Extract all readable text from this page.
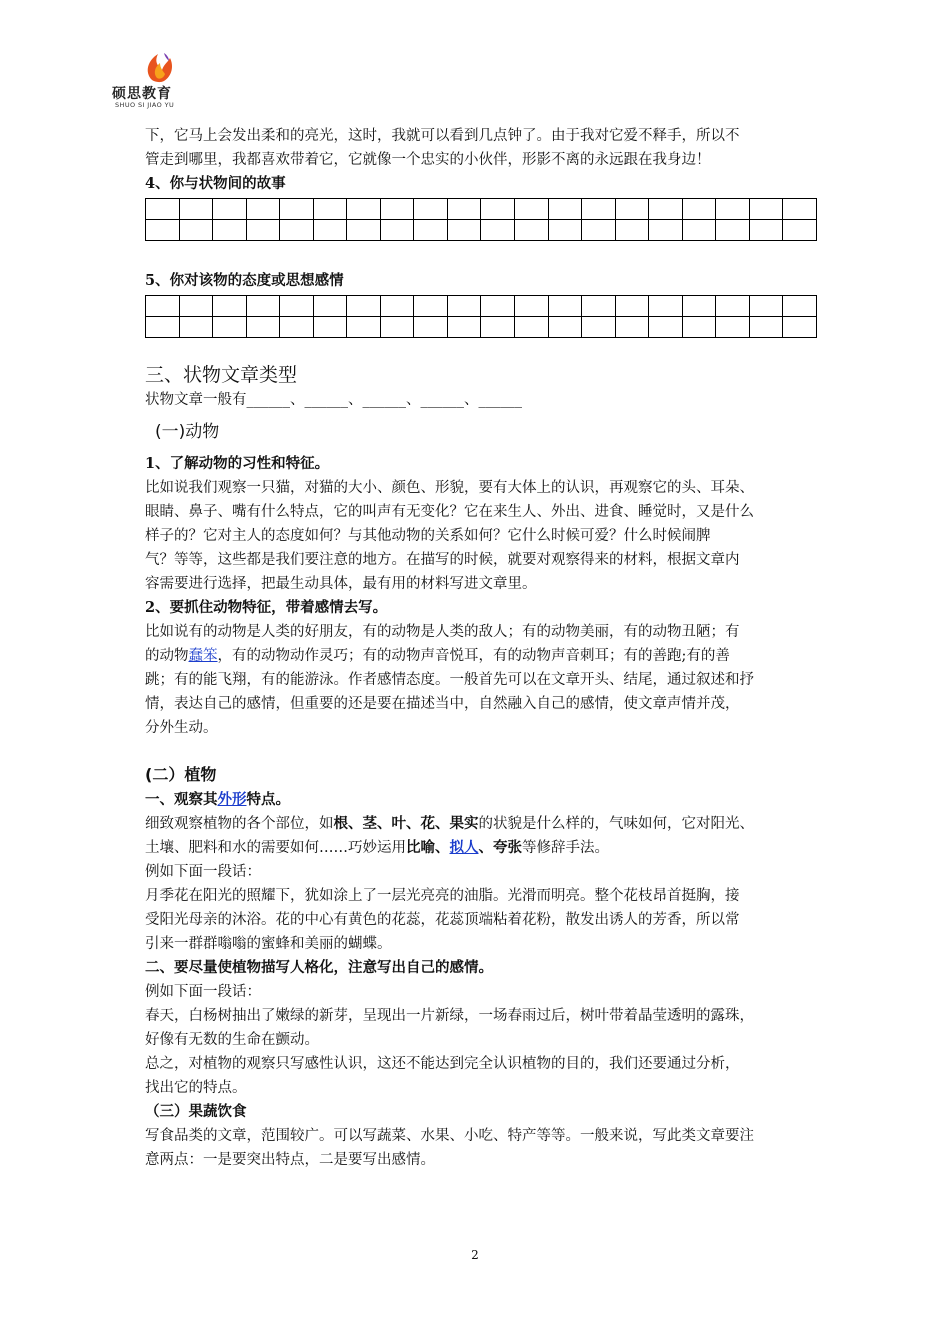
硕思教育
SHUO SI JIAO YU

下，它马上会发出柔和的亮光，这时，我就可以看到几点钟了。由于我对它爱不释手，所以不

管走到哪里，我都喜欢带着它，它就像一个忠实的小伙伴，形影不离的永远跟在我身边！

4、你与状物间的故事

5、你对该物的态度或思想感情

三、状物文章类型

状物文章一般有______、______、______、______、______

(一)动物

1、了解动物的习性和特征。

比如说我们观察一只猫，对猫的大小、颜色、形貌，要有大体上的认识，再观察它的头、耳朵、

眼睛、鼻子、嘴有什么特点，它的叫声有无变化？它在来生人、外出、进食、睡觉时，又是什么

样子的？它对主人的态度如何？与其他动物的关系如何？它什么时候可爱？什么时候闹脾

气？等等，这些都是我们要注意的地方。在描写的时候，就要对观察得来的材料，根据文章内

容需要进行选择，把最生动具体，最有用的材料写进文章里。

2、要抓住动物特征，带着感情去写。

比如说有的动物是人类的好朋友，有的动物是人类的敌人；有的动物美丽，有的动物丑陋；有

的动物蠢笨，有的动物动作灵巧；有的动物声音悦耳，有的动物声音刺耳；有的善跑;有的善

跳；有的能飞翔，有的能游泳。作者感情态度。一般首先可以在文章开头、结尾，通过叙述和抒

情，表达自己的感情，但重要的还是要在描述当中，自然融入自己的感情，使文章声情并茂，

分外生动。

(二）植物

一、观察其外形特点。

细致观察植物的各个部位，如根、茎、叶、花、果实的状貌是什么样的，气味如何，它对阳光、

土壤、肥料和水的需要如何……巧妙运用比喻、拟人、夸张等修辞手法。

例如下面一段话：

月季花在阳光的照耀下，犹如涂上了一层光亮亮的油脂。光滑而明亮。整个花枝昂首挺胸，接

受阳光母亲的沐浴。花的中心有黄色的花蕊，花蕊顶端粘着花粉，散发出诱人的芳香，所以常

引来一群群嗡嗡的蜜蜂和美丽的蝴蝶。

二、要尽量使植物描写人格化，注意写出自己的感情。

例如下面一段话：

春天，白杨树抽出了嫩绿的新芽，呈现出一片新绿，一场春雨过后，树叶带着晶莹透明的露珠，

好像有无数的生命在颤动。

总之，对植物的观察只写感性认识，这还不能达到完全认识植物的目的，我们还要通过分析，

找出它的特点。

（三）果蔬饮食

写食品类的文章，范围较广。可以写蔬菜、水果、小吃、特产等等。一般来说，写此类文章要注

意两点：一是要突出特点，二是要写出感情。

2
